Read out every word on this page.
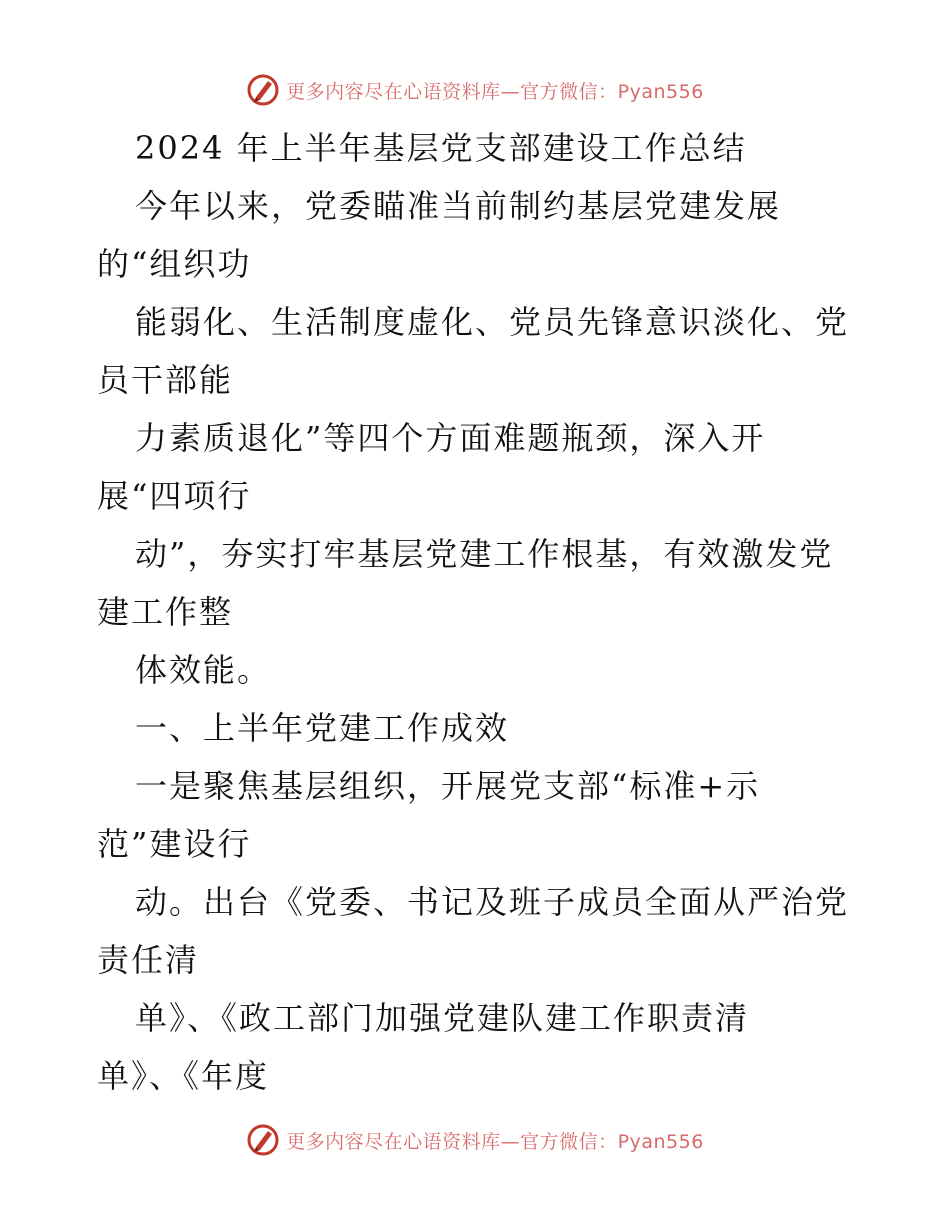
更多内容尽在心语资料库—官方微信：Pyan556
2024 年上半年基层党支部建设工作总结
今年以来，党委瞄准当前制约基层党建发展
的“组织功
能弱化、生活制度虚化、党员先锋意识淡化、党
员干部能
力素质退化”等四个方面难题瓶颈，深入开
展“四项行
动”，夯实打牢基层党建工作根基，有效激发党
建工作整
体效能。
一、上半年党建工作成效
一是聚焦基层组织，开展党支部“标准+示
范”建设行
动。出台《党委、书记及班子成员全面从严治党
责任清
单》、《政工部门加强党建队建工作职责清
单》、《年度
更多内容尽在心语资料库—官方微信：Pyan556
